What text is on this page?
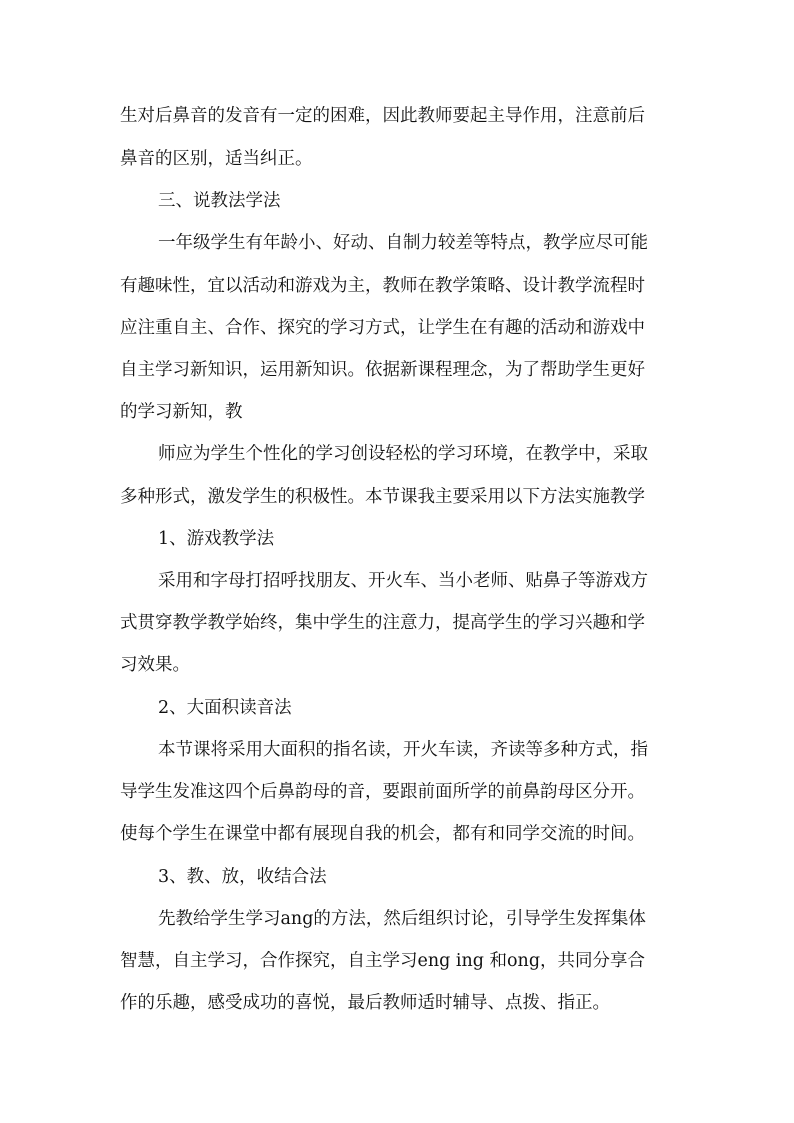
生对后鼻音的发音有一定的困难，因此教师要起主导作用，注意前后
鼻音的区别，适当纠正。
三、说教法学法
一年级学生有年龄小、好动、自制力较差等特点，教学应尽可能
有趣味性，宜以活动和游戏为主，教师在教学策略、设计教学流程时
应注重自主、合作、探究的学习方式，让学生在有趣的活动和游戏中
自主学习新知识，运用新知识。依据新课程理念，为了帮助学生更好
的学习新知，教
师应为学生个性化的学习创设轻松的学习环境，在教学中，采取
多种形式，激发学生的积极性。本节课我主要采用以下方法实施教学
1、游戏教学法
采用和字母打招呼找朋友、开火车、当小老师、贴鼻子等游戏方
式贯穿教学教学始终，集中学生的注意力，提高学生的学习兴趣和学
习效果。
2、大面积读音法
本节课将采用大面积的指名读，开火车读，齐读等多种方式，指
导学生发准这四个后鼻韵母的音，要跟前面所学的前鼻韵母区分开。
使每个学生在课堂中都有展现自我的机会，都有和同学交流的时间。
3、教、放，收结合法
先教给学生学习ang的方法，然后组织讨论，引导学生发挥集体
智慧，自主学习，合作探究，自主学习eng ing 和ong，共同分享合
作的乐趣，感受成功的喜悦，最后教师适时辅导、点拨、指正。
